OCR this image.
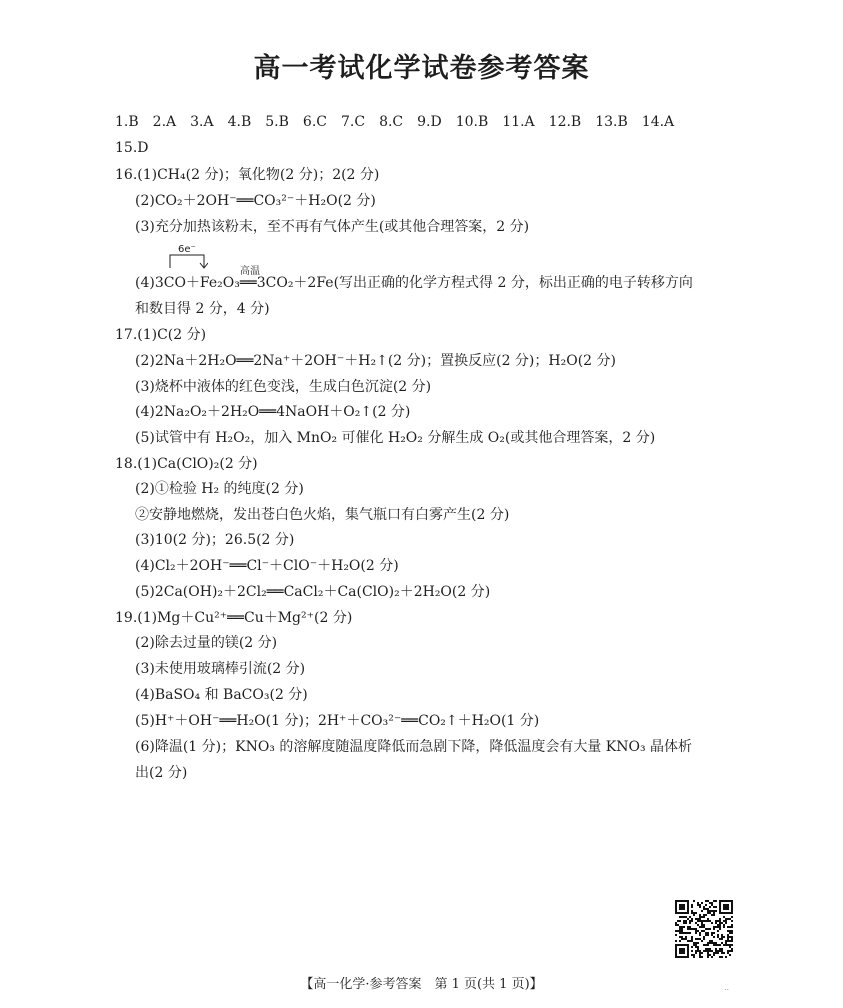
高一考试化学试卷参考答案
1.B 2.A 3.A 4.B 5.B 6.C 7.C 8.C 9.D 10.B 11.A 12.B 13.B 14.A
15.D
16.(1)CH₄(2 分)；氧化物(2 分)；2(2 分)
(2)CO₂＋2OH⁻══CO₃²⁻＋H₂O(2 分)
(3)充分加热该粉末，至不再有气体产生(或其他合理答案，2 分)
6e⁻
高温
(4)3CO＋Fe₂O₃══3CO₂＋2Fe(写出正确的化学方程式得 2 分，标出正确的电子转移方向
和数目得 2 分，4 分)
17.(1)C(2 分)
(2)2Na＋2H₂O══2Na⁺＋2OH⁻＋H₂↑(2 分)；置换反应(2 分)；H₂O(2 分)
(3)烧杯中液体的红色变浅，生成白色沉淀(2 分)
(4)2Na₂O₂＋2H₂O══4NaOH＋O₂↑(2 分)
(5)试管中有 H₂O₂，加入 MnO₂ 可催化 H₂O₂ 分解生成 O₂(或其他合理答案，2 分)
18.(1)Ca(ClO)₂(2 分)
(2)①检验 H₂ 的纯度(2 分)
②安静地燃烧，发出苍白色火焰，集气瓶口有白雾产生(2 分)
(3)10(2 分)；26.5(2 分)
(4)Cl₂＋2OH⁻══Cl⁻＋ClO⁻＋H₂O(2 分)
(5)2Ca(OH)₂＋2Cl₂══CaCl₂＋Ca(ClO)₂＋2H₂O(2 分)
19.(1)Mg＋Cu²⁺══Cu＋Mg²⁺(2 分)
(2)除去过量的镁(2 分)
(3)未使用玻璃棒引流(2 分)
(4)BaSO₄ 和 BaCO₃(2 分)
(5)H⁺＋OH⁻══H₂O(1 分)；2H⁺＋CO₃²⁻══CO₂↑＋H₂O(1 分)
(6)降温(1 分)；KNO₃ 的溶解度随温度降低而急剧下降，降低温度会有大量 KNO₃ 晶体析
出(2 分)
【高一化学·参考答案　第 1 页(共 1 页)】	..
